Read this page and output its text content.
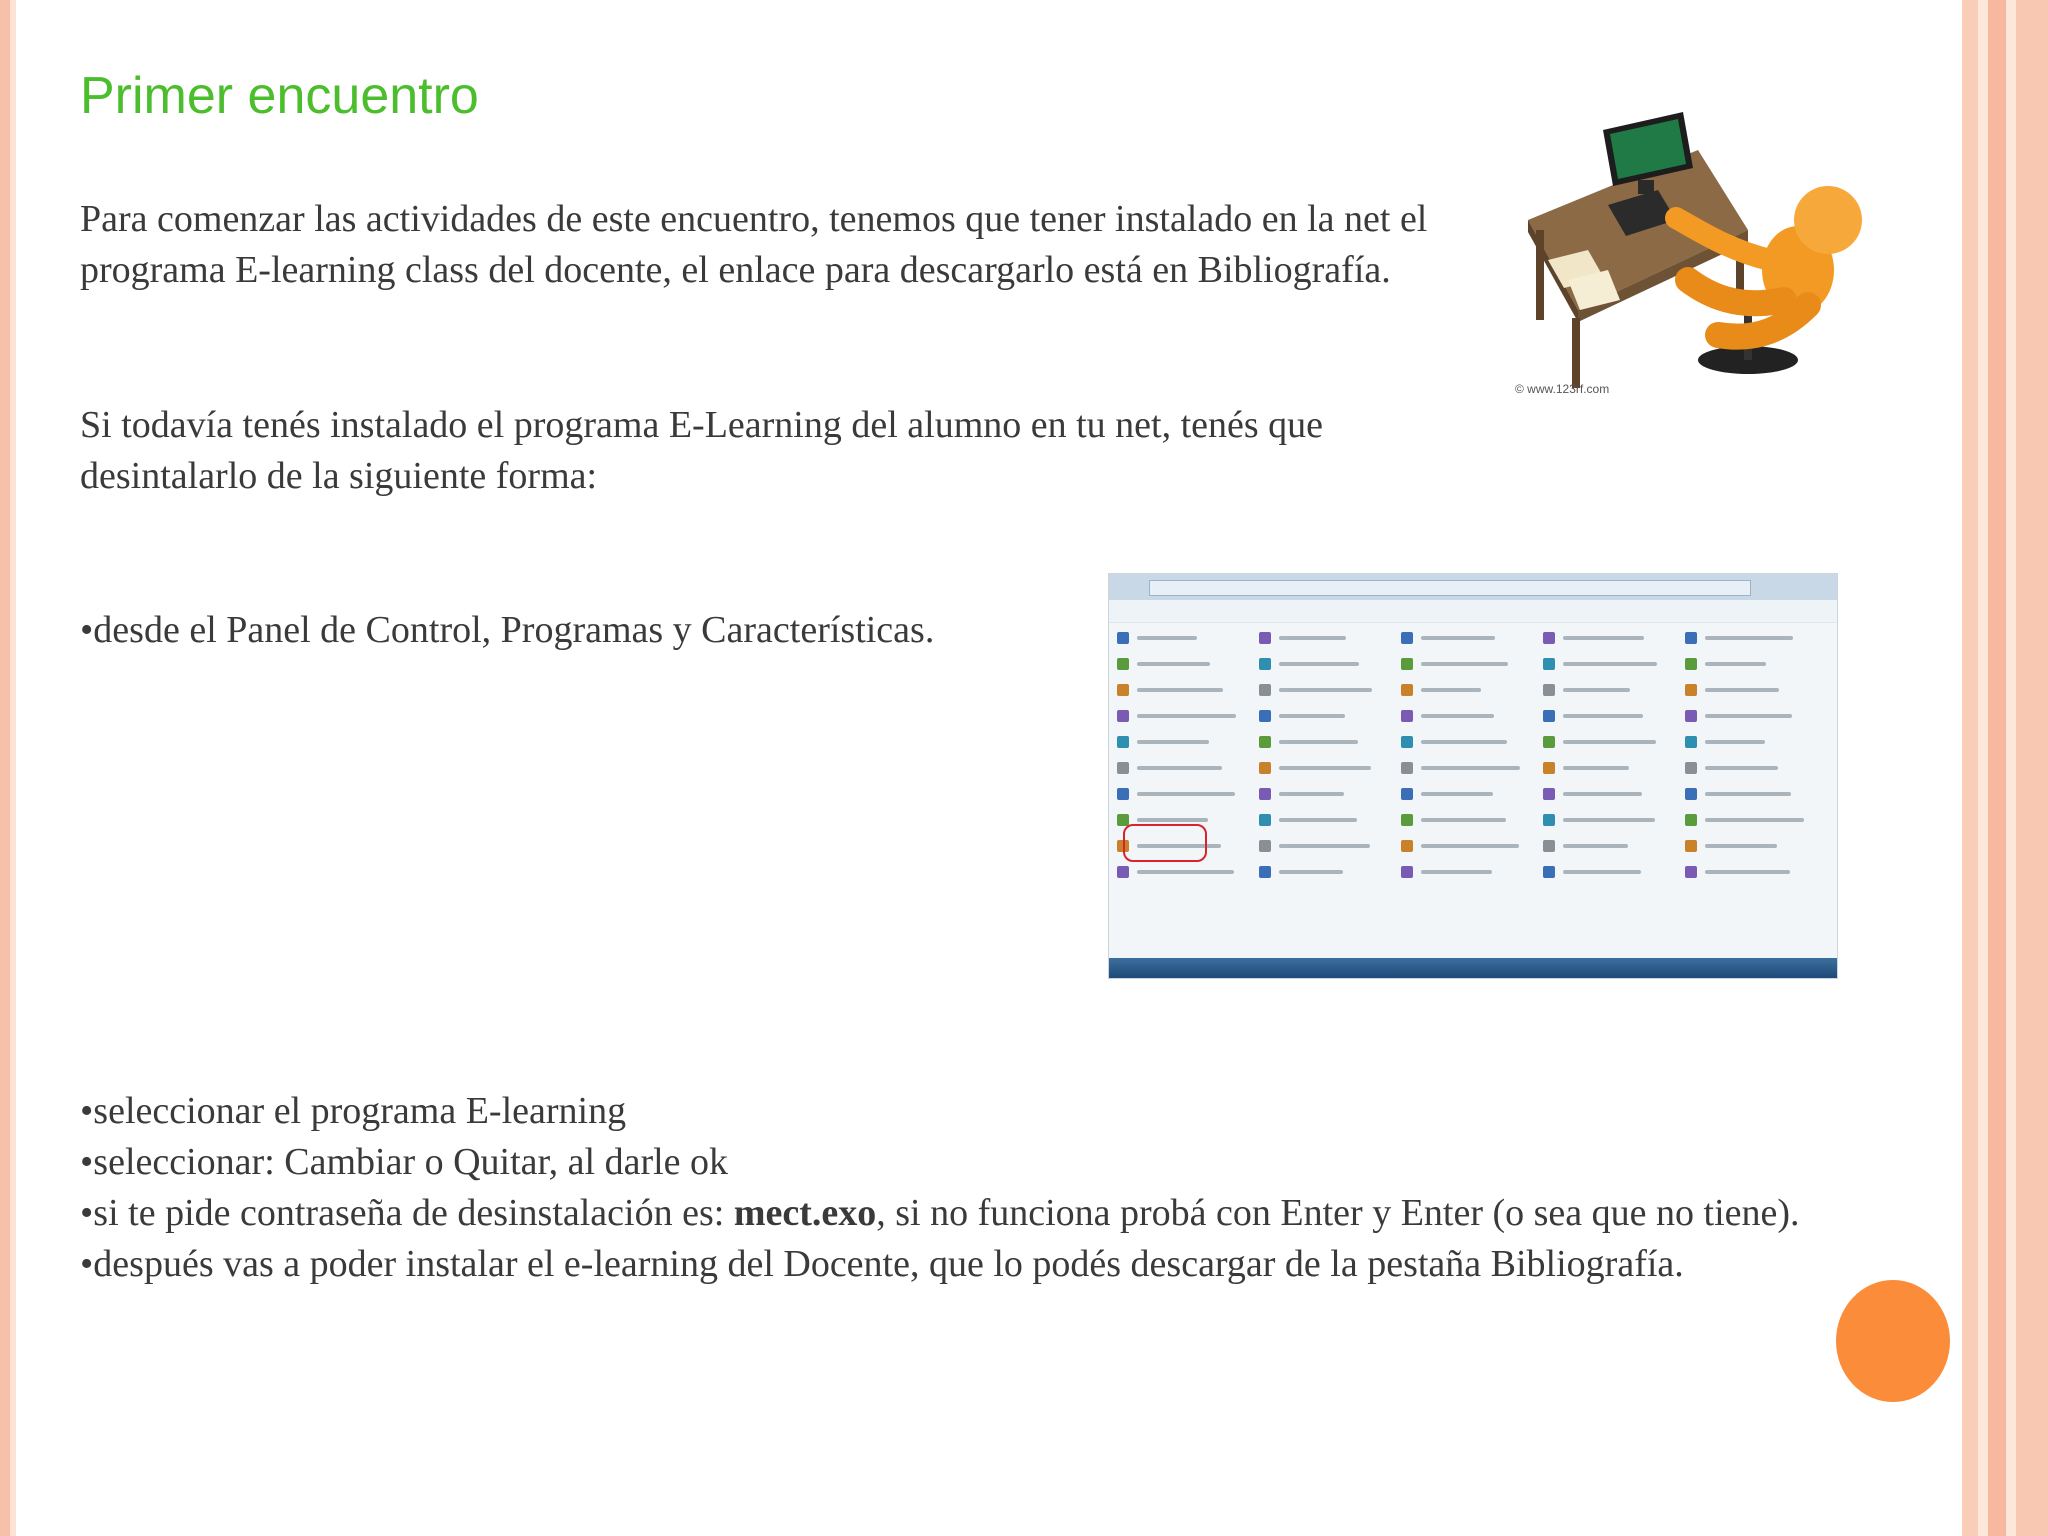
Primer encuentro

Para comenzar las actividades de este encuentro, tenemos que tener instalado en la net el programa E-learning class del docente, el enlace para descargarlo está en Bibliografía.

Si todavía tenés instalado el programa E-Learning del alumno en tu net, tenés que desintalarlo de la siguiente forma:

•desde el Panel de Control, Programas y Características.

© www.123rf.com

•seleccionar el programa E-learning
•seleccionar: Cambiar o Quitar, al darle ok
•si te pide contraseña de desinstalación es: mect.exo, si no funciona probá con Enter y Enter (o sea que no tiene).
•después vas a poder instalar el e-learning del Docente, que lo podés descargar de la pestaña Bibliografía.
